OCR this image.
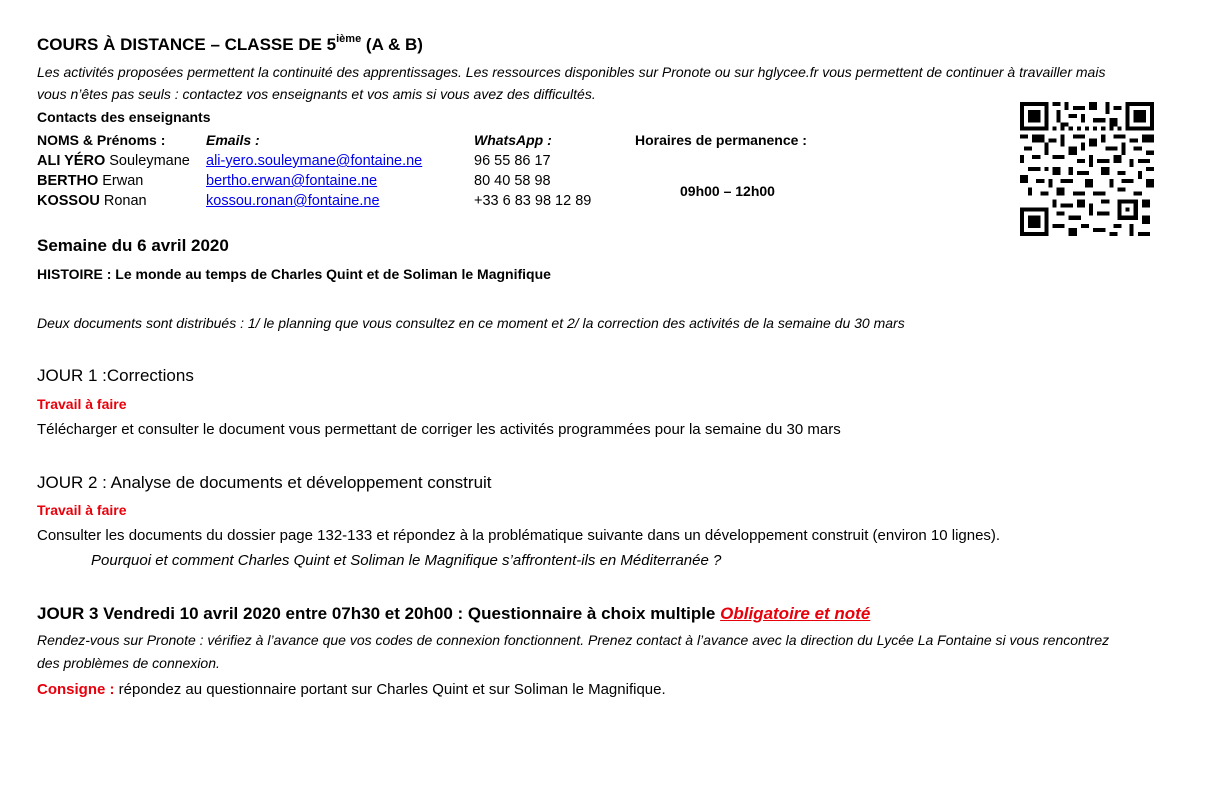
COURS À DISTANCE – CLASSE DE 5ième (A & B)
Les activités proposées permettent la continuité des apprentissages. Les ressources disponibles sur Pronote ou sur hglycee.fr vous permettent de continuer à travailler mais
vous n’êtes pas seuls : contactez vos enseignants et vos amis si vous avez des difficultés.
Contacts des enseignants
NOMS & Prénoms :	Emails :	WhatsApp :	Horaires de permanence :
ALI YÉRO Souleymane	ali-yero.souleymane@fontaine.ne	96 55 86 17
BERTHO Erwan	bertho.erwan@fontaine.ne	80 40 58 98
KOSSOU Ronan	kossou.ronan@fontaine.ne	+33 6 83 98 12 89
09h00 – 12h00
Semaine du 6 avril 2020
HISTOIRE : Le monde au temps de Charles Quint et de Soliman le Magnifique
Deux documents sont distribués : 1/ le planning que vous consultez en ce moment et 2/ la correction des activités de la semaine du 30 mars
JOUR 1 :Corrections
Travail à faire
Télécharger et consulter le document vous permettant de corriger les activités programmées pour la semaine du 30 mars
JOUR 2 : Analyse de documents et développement construit
Travail à faire
Consulter les documents du dossier page 132-133 et répondez à la problématique suivante dans un développement construit (environ 10 lignes).
Pourquoi et comment Charles Quint et Soliman le Magnifique s’affrontent-ils en Méditerranée ?
JOUR 3 Vendredi 10 avril 2020 entre 07h30 et 20h00 : Questionnaire à choix multiple Obligatoire et noté
Rendez-vous sur Pronote : vérifiez à l’avance que vos codes de connexion fonctionnent. Prenez contact à l’avance avec la direction du Lycée La Fontaine si vous rencontrez
des problèmes de connexion.
Consigne : répondez au questionnaire portant sur Charles Quint et sur Soliman le Magnifique.
